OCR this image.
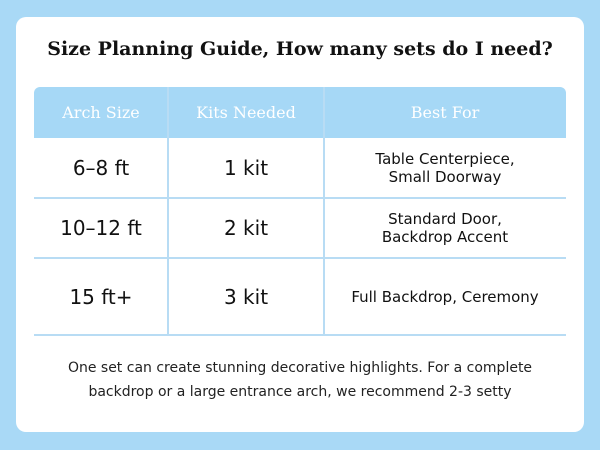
Size Planning Guide, How many sets do I need?
Arch Size	Kits Needed	Best For
6–8 ft	1 kit	Table Centerpiece,
Small Doorway
10–12 ft	2 kit	Standard Door,
Backdrop Accent
15 ft+	3 kit	Full Backdrop, Ceremony
One set can create stunning decorative highlights. For a complete
backdrop or a large entrance arch, we recommend 2-3 setty
